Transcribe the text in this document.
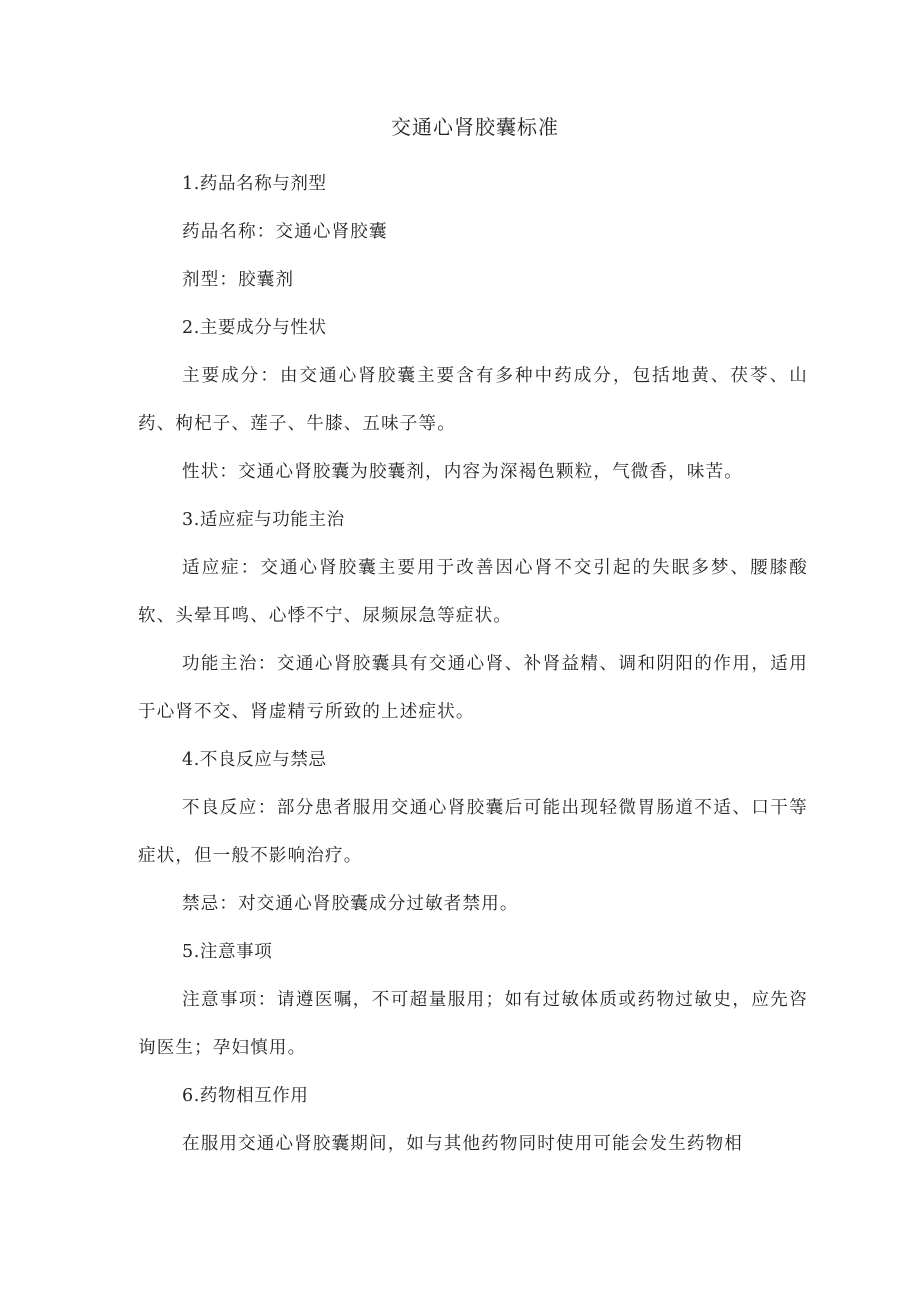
交通心肾胶囊标准

1.药品名称与剂型

药品名称：交通心肾胶囊

剂型：胶囊剂

2.主要成分与性状

主要成分：由交通心肾胶囊主要含有多种中药成分，包括地黄、茯苓、山药、枸杞子、莲子、牛膝、五味子等。

性状：交通心肾胶囊为胶囊剂，内容为深褐色颗粒，气微香，味苦。

3.适应症与功能主治

适应症：交通心肾胶囊主要用于改善因心肾不交引起的失眠多梦、腰膝酸软、头晕耳鸣、心悸不宁、尿频尿急等症状。

功能主治：交通心肾胶囊具有交通心肾、补肾益精、调和阴阳的作用，适用于心肾不交、肾虚精亏所致的上述症状。

4.不良反应与禁忌

不良反应：部分患者服用交通心肾胶囊后可能出现轻微胃肠道不适、口干等症状，但一般不影响治疗。

禁忌：对交通心肾胶囊成分过敏者禁用。

5.注意事项

注意事项：请遵医嘱，不可超量服用；如有过敏体质或药物过敏史，应先咨询医生；孕妇慎用。

6.药物相互作用

在服用交通心肾胶囊期间，如与其他药物同时使用可能会发生药物相
